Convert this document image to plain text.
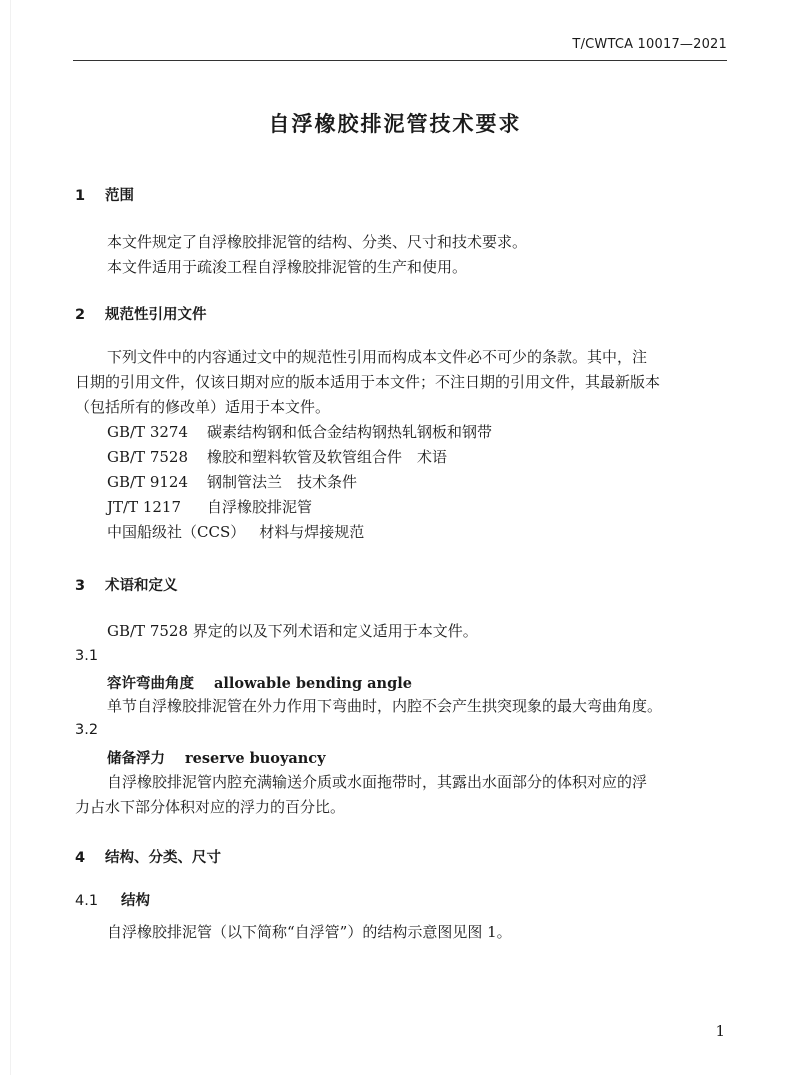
T/CWTCA 10017—2021
自浮橡胶排泥管技术要求
1 范围
本文件规定了自浮橡胶排泥管的结构、分类、尺寸和技术要求。
本文件适用于疏浚工程自浮橡胶排泥管的生产和使用。
2 规范性引用文件
下列文件中的内容通过文中的规范性引用而构成本文件必不可少的条款。其中，注
日期的引用文件，仅该日期对应的版本适用于本文件；不注日期的引用文件，其最新版本
（包括所有的修改单）适用于本文件。
GB/T 3274 碳素结构钢和低合金结构钢热轧钢板和钢带
GB/T 7528 橡胶和塑料软管及软管组合件　术语
GB/T 9124 钢制管法兰　技术条件
JT/T 1217 自浮橡胶排泥管
中国船级社（CCS） 材料与焊接规范
3 术语和定义
GB/T 7528 界定的以及下列术语和定义适用于本文件。
3.1
容许弯曲角度 allowable bending angle
单节自浮橡胶排泥管在外力作用下弯曲时，内腔不会产生拱突现象的最大弯曲角度。
3.2
储备浮力 reserve buoyancy
自浮橡胶排泥管内腔充满输送介质或水面拖带时，其露出水面部分的体积对应的浮
力占水下部分体积对应的浮力的百分比。
4 结构、分类、尺寸
4.1 结构
自浮橡胶排泥管（以下简称“自浮管”）的结构示意图见图 1。
1
